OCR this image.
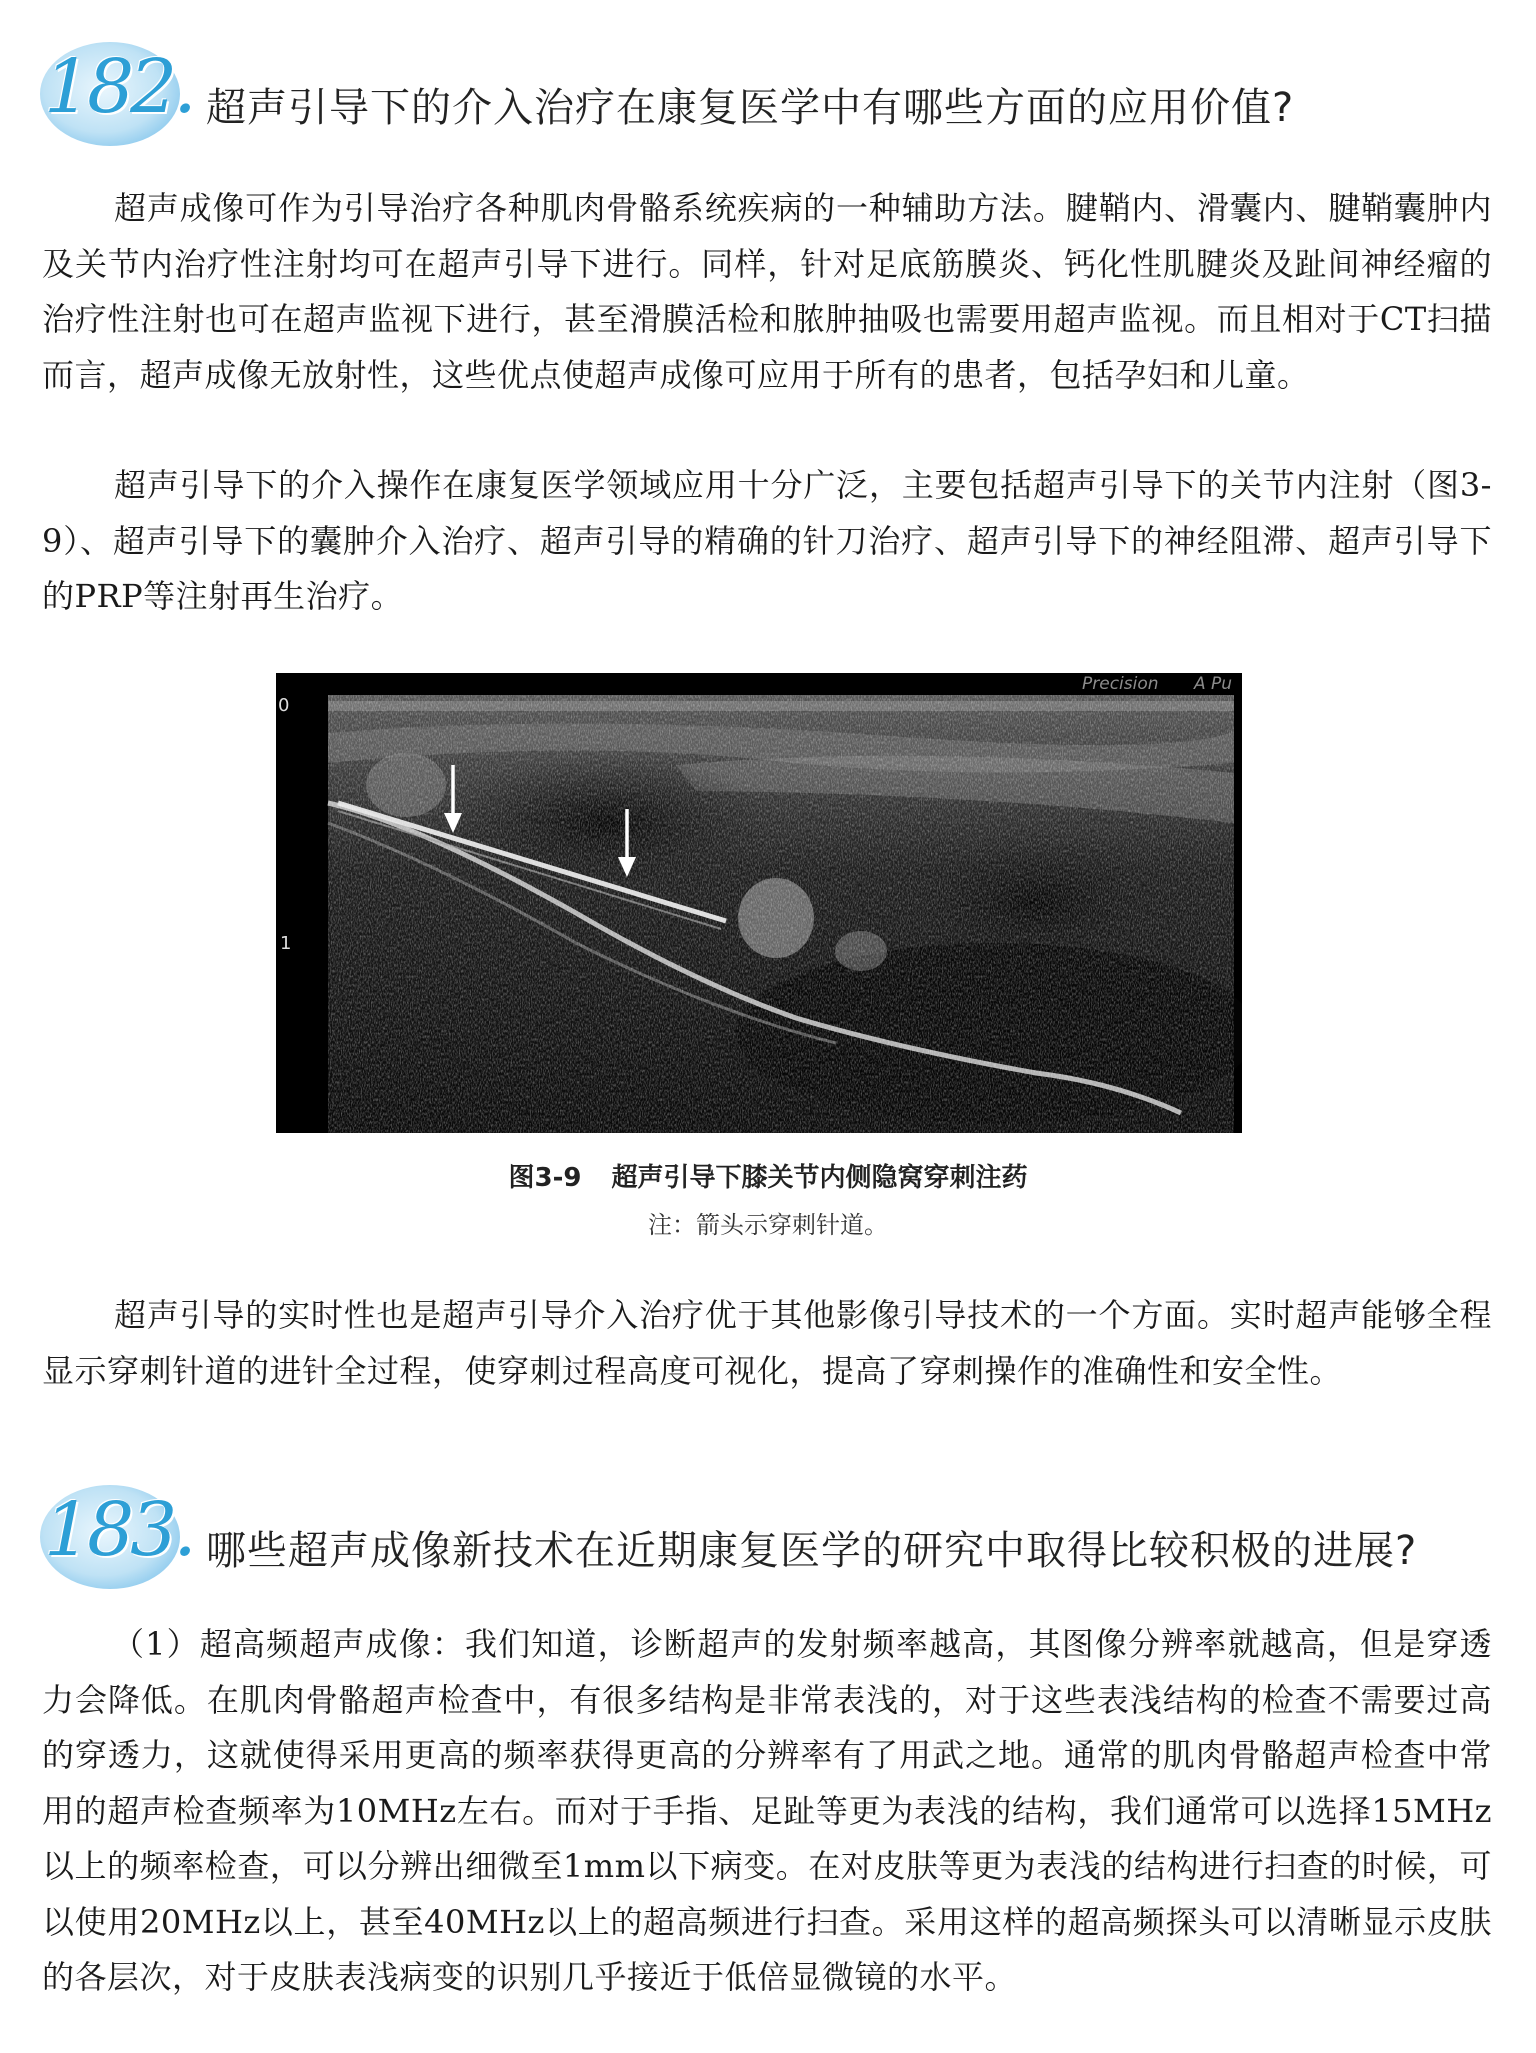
182. 超声引导下的介入治疗在康复医学中有哪些方面的应用价值?

超声成像可作为引导治疗各种肌肉骨骼系统疾病的一种辅助方法。腱鞘内、滑囊内、腱鞘囊肿内及关节内治疗性注射均可在超声引导下进行。同样，针对足底筋膜炎、钙化性肌腱炎及趾间神经瘤的治疗性注射也可在超声监视下进行，甚至滑膜活检和脓肿抽吸也需要用超声监视。而且相对于CT扫描而言，超声成像无放射性，这些优点使超声成像可应用于所有的患者，包括孕妇和儿童。

超声引导下的介入操作在康复医学领域应用十分广泛，主要包括超声引导下的关节内注射（图3-9）、超声引导下的囊肿介入治疗、超声引导的精确的针刀治疗、超声引导下的神经阻滞、超声引导下的PRP等注射再生治疗。

0
1
Precision A Pu
图3-9 超声引导下膝关节内侧隐窝穿刺注药
注：箭头示穿刺针道。

超声引导的实时性也是超声引导介入治疗优于其他影像引导技术的一个方面。实时超声能够全程显示穿刺针道的进针全过程，使穿刺过程高度可视化，提高了穿刺操作的准确性和安全性。

183. 哪些超声成像新技术在近期康复医学的研究中取得比较积极的进展?

（1）超高频超声成像：我们知道，诊断超声的发射频率越高，其图像分辨率就越高，但是穿透力会降低。在肌肉骨骼超声检查中，有很多结构是非常表浅的，对于这些表浅结构的检查不需要过高的穿透力，这就使得采用更高的频率获得更高的分辨率有了用武之地。通常的肌肉骨骼超声检查中常用的超声检查频率为10MHz左右。而对于手指、足趾等更为表浅的结构，我们通常可以选择15MHz以上的频率检查，可以分辨出细微至1mm以下病变。在对皮肤等更为表浅的结构进行扫查的时候，可以使用20MHz以上，甚至40MHz以上的超高频进行扫查。采用这样的超高频探头可以清晰显示皮肤的各层次，对于皮肤表浅病变的识别几乎接近于低倍显微镜的水平。
